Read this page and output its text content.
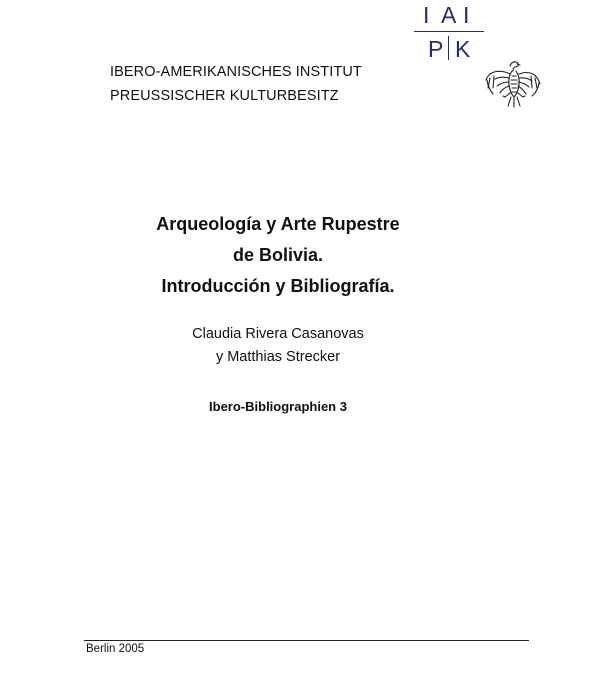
I A I
P K
IBERO-AMERIKANISCHES INSTITUT
PREUSSISCHER KULTURBESITZ
Arqueología y Arte Rupestre
de Bolivia.
Introducción y Bibliografía.
Claudia Rivera Casanovas
y Matthias Strecker
Ibero-Bibliographien 3
Berlin 2005
